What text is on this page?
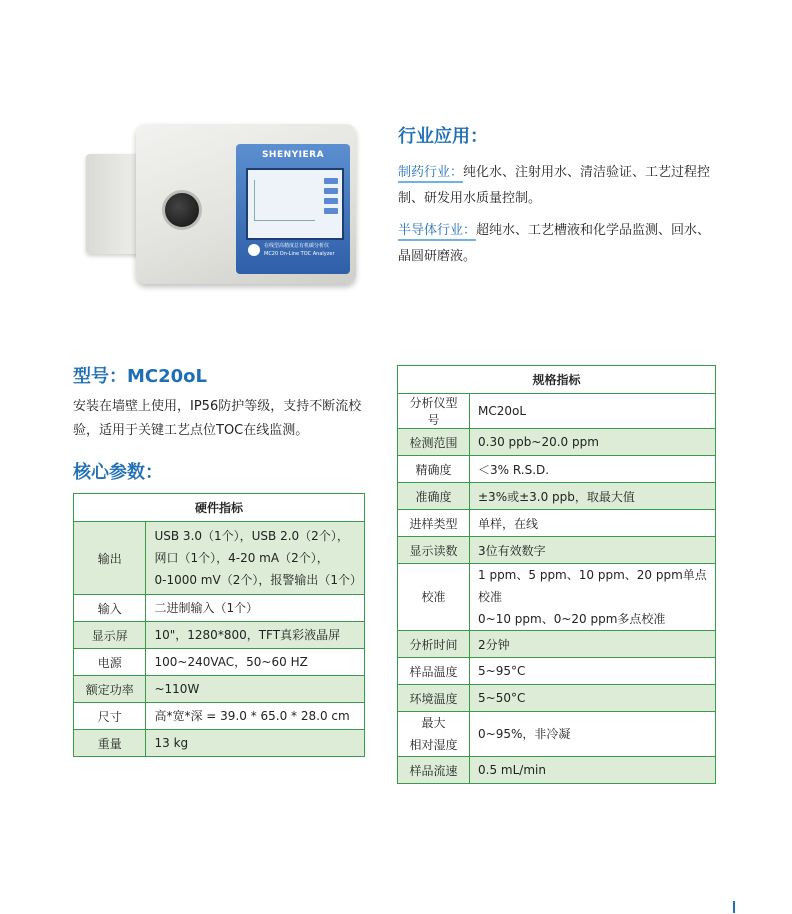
SHENYIERA
在线型高精度总有机碳分析仪
MC20 On-Line TOC Analyzer
行业应用：

制药行业：纯化水、注射用水、清洁验证、工艺过程控制、研发用水质量控制。

半导体行业：超纯水、工艺槽液和化学品监测、回水、晶圆研磨液。

型号：MC20oL

安装在墙壁上使用，IP56防护等级，支持不断流校验，适用于关键工艺点位TOC在线监测。

核心参数：
硬件指标	
输出	USB 3.0（1个），USB 2.0（2个），
网口（1个），4-20 mA（2个），
0-1000 mV（2个），报警输出（1个）

输入	二进制输入（1个）
显示屏	10"，1280*800，TFT真彩液晶屏
电源	100~240VAC，50~60 HZ
额定功率	~110W
尺寸	高*宽*深 = 39.0 * 65.0 * 28.0 cm
重量	13 kg
规格指标	
分析仪型号	MC20oL
检测范围	0.30 ppb~20.0 ppm
精确度	＜3% R.S.D.
准确度	±3%或±3.0 ppb，取最大值
进样类型	单样，在线
显示读数	3位有效数字
校准	1 ppm、5 ppm、10 ppm、20 ppm单点校准
0~10 ppm、0~20 ppm多点校准

分析时间	2分钟
样品温度	5~95°C
环境温度	5~50°C

最大
相对湿度	0~95%，非冷凝
样品流速	0.5 mL/min
